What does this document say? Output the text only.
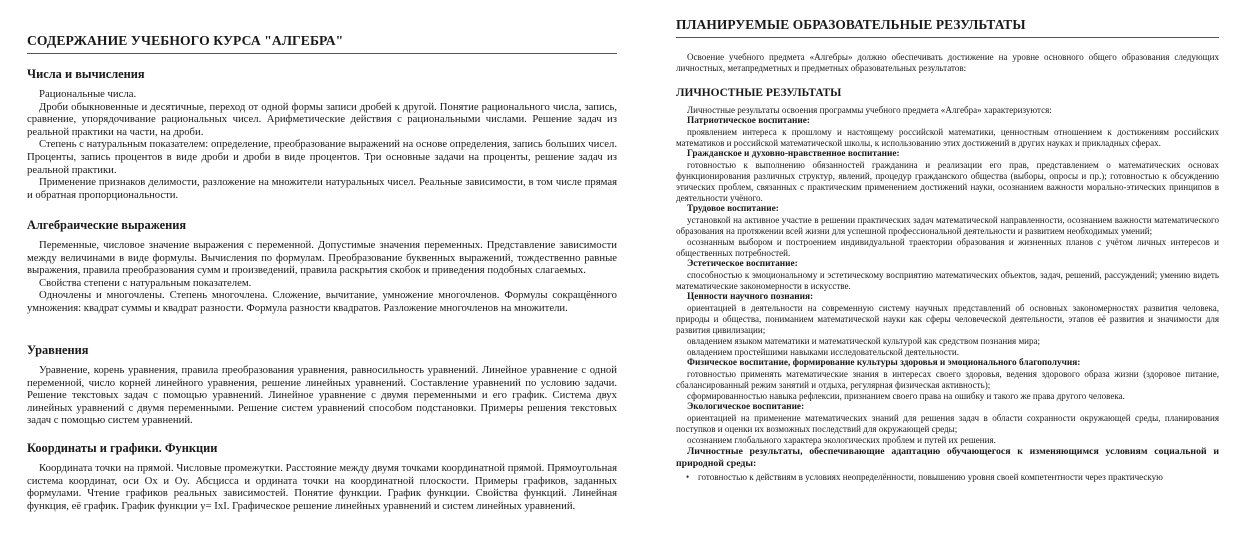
СОДЕРЖАНИЕ УЧЕБНОГО КУРСА "АЛГЕБРА"
Числа и вычисления

Рациональные числа.

Дроби обыкновенные и десятичные, переход от одной формы записи дробей к другой. Понятие рационального числа, запись, сравнение, упорядочивание рациональных чисел. Арифметические действия с рациональными числами. Решение задач из реальной практики на части, на дроби.

Степень с натуральным показателем: определение, преобразование выражений на основе определения, запись больших чисел. Проценты, запись процентов в виде дроби и дроби в виде процентов. Три основные задачи на проценты, решение задач из реальной практики.

Применение признаков делимости, разложение на множители натуральных чисел. Реальные зависимости, в том числе прямая и обратная пропорциональности.

Алгебраические выражения

Переменные, числовое значение выражения с переменной. Допустимые значения переменных. Представление зависимости между величинами в виде формулы. Вычисления по формулам. Преобразование буквенных выражений, тождественно равные выражения, правила преобразования сумм и произведений, правила раскрытия скобок и приведения подобных слагаемых.

Свойства степени с натуральным показателем.

Одночлены и многочлены. Степень многочлена. Сложение, вычитание, умножение многочленов. Формулы сокращённого умножения: квадрат суммы и квадрат разности. Формула разности квадратов. Разложение многочленов на множители.

Уравнения

Уравнение, корень уравнения, правила преобразования уравнения, равносильность уравнений. Линейное уравнение с одной переменной, число корней линейного уравнения, решение линейных уравнений. Составление уравнений по условию задачи. Решение текстовых задач с помощью уравнений. Линейное уравнение с двумя переменными и его график. Система двух линейных уравнений с двумя переменными. Решение систем уравнений способом подстановки. Примеры решения текстовых задач с помощью систем уравнений.

Координаты и графики. Функции

Координата точки на прямой. Числовые промежутки. Расстояние между двумя точками координатной прямой. Прямоугольная система координат, оси Ox и Oy. Абсцисса и ордината точки на координатной плоскости. Примеры графиков, заданных формулами. Чтение графиков реальных зависимостей. Понятие функции. График функции. Свойства функций. Линейная функция, её график. График функции y= IxI. Графическое решение линейных уравнений и систем линейных уравнений.

ПЛАНИРУЕМЫЕ ОБРАЗОВАТЕЛЬНЫЕ РЕЗУЛЬТАТЫ

Освоение учебного предмета «Алгебры» должно обеспечивать достижение на уровне основного общего образования следующих личностных, метапредметных и предметных образовательных результатов:

ЛИЧНОСТНЫЕ РЕЗУЛЬТАТЫ

Личностные результаты освоения программы учебного предмета «Алгебра» характеризуются:

Патриотическое воспитание:

проявлением интереса к прошлому и настоящему российской математики, ценностным отношением к достижениям российских математиков и российской математической школы, к использованию этих достижений в других науках и прикладных сферах.

Гражданское и духовно-нравственное воспитание:

готовностью к выполнению обязанностей гражданина и реализации его прав, представлением о математических основах функционирования различных структур, явлений, процедур гражданского общества (выборы, опросы и пр.); готовностью к обсуждению этических проблем, связанных с практическим применением достижений науки, осознанием важности морально-этических принципов в деятельности учёного.

Трудовое воспитание:

установкой на активное участие в решении практических задач математической направленности, осознанием важности математического образования на протяжении всей жизни для успешной профессиональной деятельности и развитием необходимых умений;

осознанным выбором и построением индивидуальной траектории образования и жизненных планов с учётом личных интересов и общественных потребностей.

Эстетическое воспитание:

способностью к эмоциональному и эстетическому восприятию математических объектов, задач, решений, рассуждений; умению видеть математические закономерности в искусстве.

Ценности научного познания:

ориентацией в деятельности на современную систему научных представлений об основных закономерностях развития человека, природы и общества, пониманием математической науки как сферы человеческой деятельности, этапов её развития и значимости для развития цивилизации;

овладением языком математики и математической культурой как средством познания мира;

овладением простейшими навыками исследовательской деятельности.

Физическое воспитание, формирование культуры здоровья и эмоционального благополучия:

готовностью применять математические знания в интересах своего здоровья, ведения здорового образа жизни (здоровое питание, сбалансированный режим занятий и отдыха, регулярная физическая активность);

сформированностью навыка рефлексии, признанием своего права на ошибку и такого же права другого человека.

Экологическое воспитание:

ориентацией на применение математических знаний для решения задач в области сохранности окружающей среды, планирования поступков и оценки их возможных последствий для окружающей среды;

осознанием глобального характера экологических проблем и путей их решения.

Личностные результаты, обеспечивающие адаптацию обучающегося к изменяющимся условиям социальной и природной среды:

• готовностью к действиям в условиях неопределённости, повышению уровня своей компетентности через практическую
